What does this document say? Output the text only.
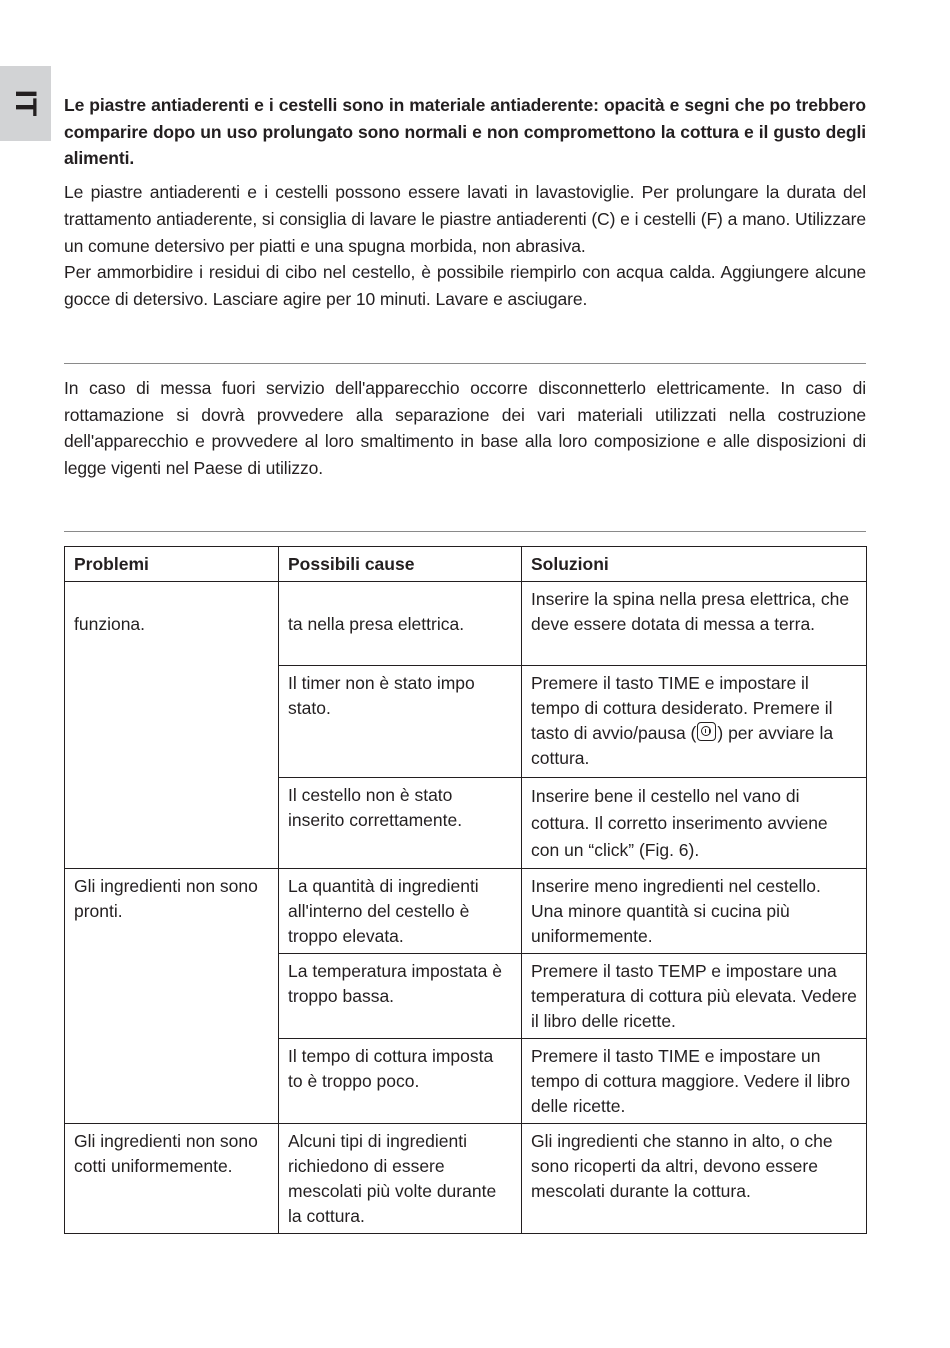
IT Le piastre antiaderenti e i cestelli sono in materiale antiaderente: opacità e segni che po trebbero comparire dopo un uso prolungato sono normali e non compromettono la cottura e il gusto degli alimenti.

Le piastre antiaderenti e i cestelli possono essere lavati in lavastoviglie. Per prolungare la durata del trattamento antiaderente, si consiglia di lavare le piastre antiaderenti (C) e i cestelli (F) a mano. Utilizzare un comune detersivo per piatti e una spugna morbida, non abrasiva.

Per ammorbidire i residui di cibo nel cestello, è possibile riempirlo con acqua calda. Aggiungere alcune gocce di detersivo. Lasciare agire per 10 minuti. Lavare e asciugare.

In caso di messa fuori servizio dell'apparecchio occorre disconnetterlo elettricamente. In caso di rottamazione si dovrà provvedere alla separazione dei vari materiali utilizzati nella costruzione dell'apparecchio e provvedere al loro smaltimento in base alla loro composizione e alle disposizioni di legge vigenti nel Paese di utilizzo.

Problemi	Possibili cause	Soluzioni

funziona.	ta nella presa elettrica.	Inserire la spina nella presa elettrica, che deve essere dotata di messa a terra.
	Il timer non è stato impo stato.	Premere il tasto TIME e impostare il tempo di cottura desiderato. Premere il tasto di avvio/pausa ( ) per avviare la cottura.
	Il cestello non è stato inserito correttamente.	Inserire bene il cestello nel vano di cottura. Il corretto inserimento avviene con un “click” (Fig. 6).
Gli ingredienti non sono pronti.	La quantità di ingredienti all'interno del cestello è troppo elevata.	Inserire meno ingredienti nel cestello. Una minore quantità si cucina più uniformemente.
	La temperatura impostata è troppo bassa.	Premere il tasto TEMP e impostare una temperatura di cottura più elevata. Vedere il libro delle ricette.
	Il tempo di cottura imposta to è troppo poco.	Premere il tasto TIME e impostare un tempo di cottura maggiore. Vedere il libro delle ricette.
Gli ingredienti non sono cotti uniformemente.	Alcuni tipi di ingredienti richiedono di essere mescolati più volte durante la cottura.	Gli ingredienti che stanno in alto, o che sono ricoperti da altri, devono essere mescolati durante la cottura.
